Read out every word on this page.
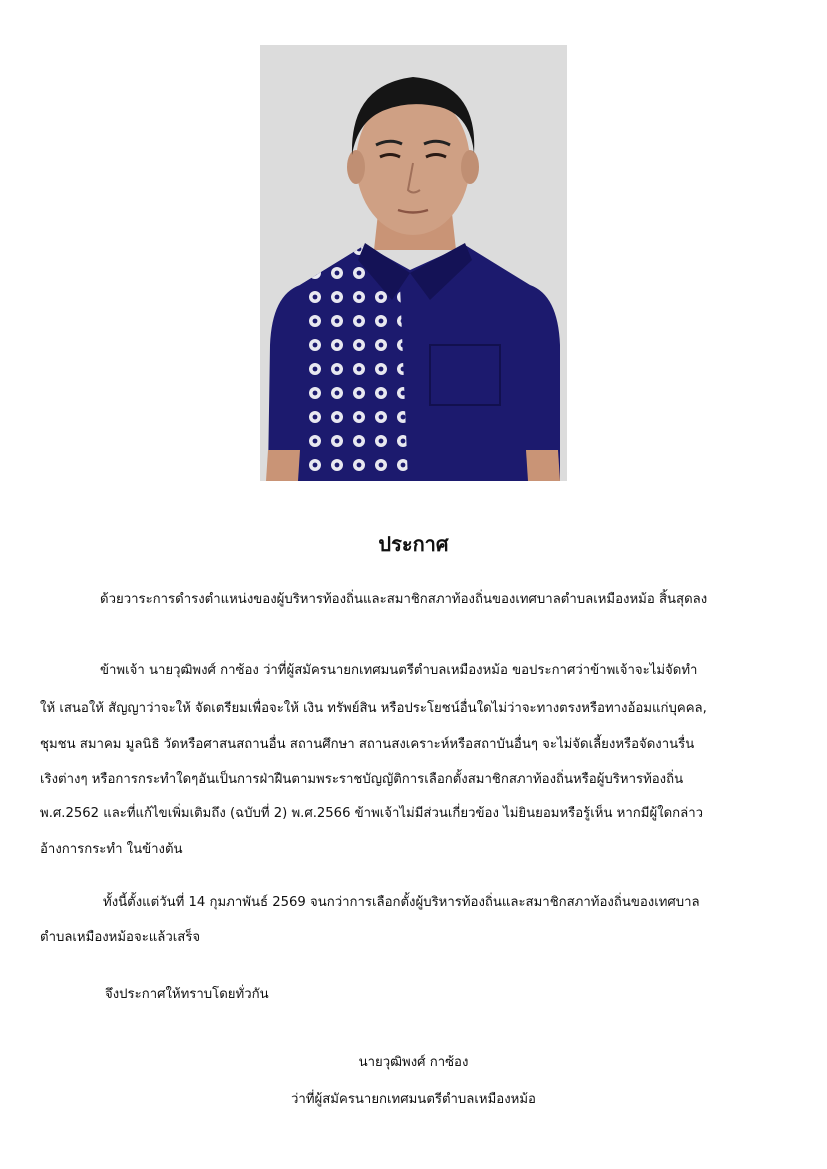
ประกาศ
ด้วยวาระการดำรงตำแหน่งของผู้บริหารท้องถิ่นและสมาชิกสภาท้องถิ่นของเทศบาลตำบลเหมืองหม้อ สิ้นสุดลง
ข้าพเจ้า นายวุฒิพงศ์ กาซ้อง ว่าที่ผู้สมัครนายกเทศมนตรีตำบลเหมืองหม้อ ขอประกาศว่าข้าพเจ้าจะไม่จัดทำ
ให้ เสนอให้ สัญญาว่าจะให้ จัดเตรียมเพื่อจะให้ เงิน ทรัพย์สิน หรือประโยชน์อื่นใดไม่ว่าจะทางตรงหรือทางอ้อมแก่บุคคล,
ชุมชน สมาคม มูลนิธิ วัดหรือศาสนสถานอื่น สถานศึกษา สถานสงเคราะห์หรือสถาบันอื่นๆ จะไม่จัดเลี้ยงหรือจัดงานรื่น
เริงต่างๆ หรือการกระทำใดๆอันเป็นการฝ่าฝืนตามพระราชบัญญัติการเลือกตั้งสมาชิกสภาท้องถิ่นหรือผู้บริหารท้องถิ่น
พ.ศ.2562 และที่แก้ไขเพิ่มเติมถึง (ฉบับที่ 2) พ.ศ.2566 ข้าพเจ้าไม่มีส่วนเกี่ยวข้อง ไม่ยินยอมหรือรู้เห็น หากมีผู้ใดกล่าว
อ้างการกระทำ ในข้างต้น
ทั้งนี้ตั้งแต่วันที่ 14 กุมภาพันธ์ 2569 จนกว่าการเลือกตั้งผู้บริหารท้องถิ่นและสมาชิกสภาท้องถิ่นของเทศบาล
ตำบลเหมืองหม้อจะแล้วเสร็จ
จึงประกาศให้ทราบโดยทั่วกัน
นายวุฒิพงศ์ กาซ้อง
ว่าที่ผู้สมัครนายกเทศมนตรีตำบลเหมืองหม้อ
